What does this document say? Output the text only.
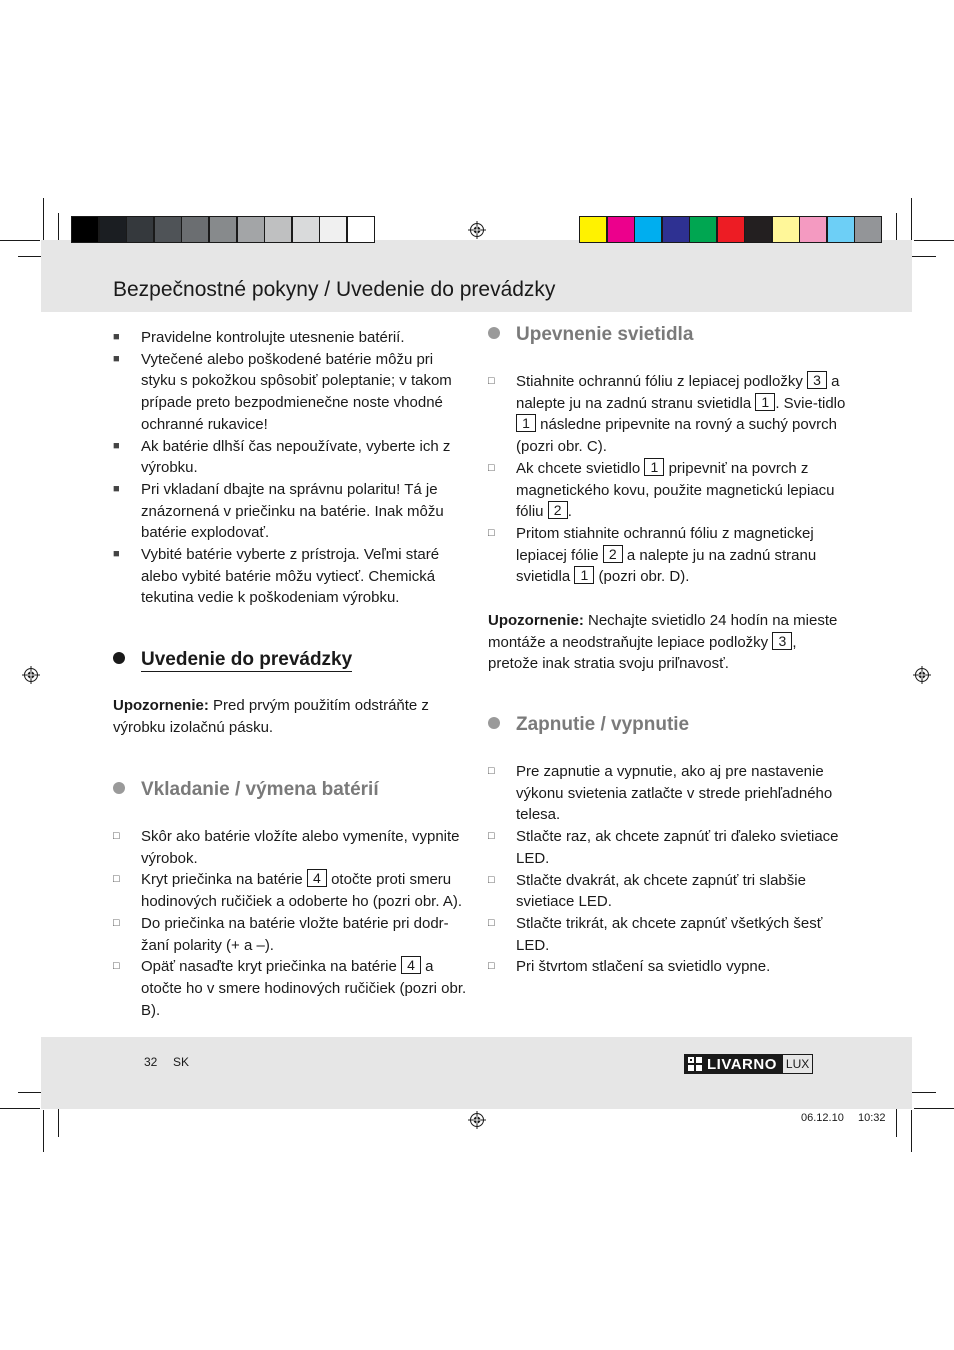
Bezpečnostné pokyny / Uvedenie do prevádzky
■ Pravidelne kontrolujte utesnenie batérií.
■ Vytečené alebo poškodené batérie môžu pri styku s pokožkou spôsobiť poleptanie; v takom prípade preto bezpodmienečne noste vhodné ochranné rukavice!
■ Ak batérie dlhší čas nepoužívate, vyberte ich z výrobku.
■ Pri vkladaní dbajte na správnu polaritu! Tá je znázornená v priečinku na batérie. Inak môžu batérie explodovať.
■ Vybité batérie vyberte z prístroja. Veľmi staré alebo vybité batérie môžu vytiecť. Chemická tekutina vedie k poškodeniam výrobku.
Uvedenie do prevádzky
Upozornenie: Pred prvým použitím odstráňte z výrobku izolačnú pásku.
Vkladanie / výmena batérií
□ Skôr ako batérie vložíte alebo vymeníte, vypnite výrobok.
□ Kryt priečinka na batérie 4 otočte proti smeru hodinových ručičiek a odoberte ho (pozri obr. A).
□ Do priečinka na batérie vložte batérie pri dodr-žaní polarity (+ a –).
□ Opäť nasaďte kryt priečinka na batérie 4 a otočte ho v smere hodinových ručičiek (pozri obr. B).
Upevnenie svietidla
□ Stiahnite ochrannú fóliu z lepiacej podložky 3 a nalepte ju na zadnú stranu svietidla 1 . Svie-tidlo 1 následne pripevnite na rovný a suchý povrch (pozri obr. C).
□ Ak chcete svietidlo 1 pripevniť na povrch z magnetického kovu, použite magnetickú lepiacu fóliu 2 .
□ Pritom stiahnite ochrannú fóliu z magnetickej lepiacej fólie 2 a nalepte ju na zadnú stranu svietidla 1 (pozri obr. D).
Upozornenie: Nechajte svietidlo 24 hodín na mieste montáže a neodstraňujte lepiace podložky 3 , pretože inak stratia svoju priľnavosť.
Zapnutie / vypnutie
□ Pre zapnutie a vypnutie, ako aj pre nastavenie výkonu svietenia zatlačte v strede priehľadného telesa.
□ Stlačte raz, ak chcete zapnúť tri ďaleko svietiace LED.
□ Stlačte dvakrát, ak chcete zapnúť tri slabšie svietiace LED.
□ Stlačte trikrát, ak chcete zapnúť všetkých šesť LED.
□ Pri štvrtom stlačení sa svietidlo vypne.
32 SK	LIVARNO LUX
06.12.10 10:32
